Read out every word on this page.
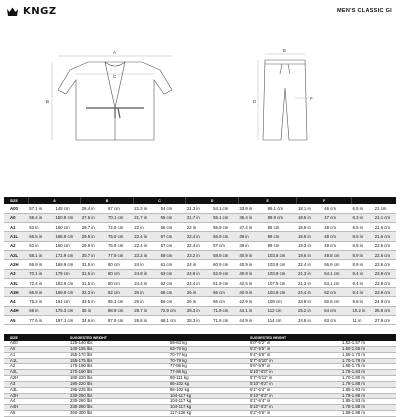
KNGZ	MEN'S CLASSIC GI
A
B
C
E
D
F
SIZE	A		B		C		D		E		F			
A00	57.1 in	145 cm	26.4 in	67 cm	21.3 in	54 cm	21.3 in	54.1 cm	33.9 in	86.1 cm	18.1 in	46 cm	6.5 in	21 cm
A0	59.4 in	150.8 cm	27.6 in	70.1 cm	21.7 in	55 cm	21.7 in	55.1 cm	35.4 in	89.9 cm	18.5 in	47 cm	8.3 in	21.1 cm
A1	63 in	160 cm	28.7 in	72.9 cm	22 in	56 cm	22 in	55.9 cm	37.4 in	95 cm	18.9 in	48 cm	8.5 in	21.6 cm
A1L	66.5 in	168.9 cm	29.9 in	75.9 cm	22.4 in	57 cm	22.4 in	56.9 cm	39 in	99 cm	18.9 in	48 cm	8.5 in	21.6 cm
A2	63 in	160 cm	29.9 in	75.9 cm	22.4 in	57 cm	22.4 in	57 cm	39 in	99 cm	19.3 in	49 cm	8.9 in	22.6 cm
A2L	68.1 in	172.9 cm	30.7 in	77.9 cm	23.2 in	59 cm	23.2 in	58.9 cm	40.9 in	103.8 cm	19.6 in	49.8 cm	8.9 in	22.6 cm
A2H	66.9 in	169.9 cm	31.5 in	80 cm	24 in	61 cm	24 in	60.9 cm	40.9 in	103.8 cm	22.4 in	56.9 cm	8.9 in	22.6 cm
A3	70.1 in	178 cm	31.5 in	80 cm	24.8 in	63 cm	24.8 in	62.9 cm	40.9 in	103.8 cm	21.3 in	54.1 cm	9.4 in	23.9 cm
A3L	72.4 in	183.9 cm	31.5 in	80 cm	24.4 in	62 cm	24.4 in	61.9 cm	42.5 in	107.9 cm	21.3 in	54.1 cm	9.4 in	23.9 cm
A3H	66.9 in	169.9 cm	32.3 in	82 cm	26 in	66 cm	26 in	66 cm	40.9 in	103.8 cm	24.4 in	62 cm	9.4 in	23.9 cm
A4	75.2 in	191 cm	33.5 in	85.1 cm	26 in	66 cm	26 in	66 cm	42.9 in	109 cm	23.8 in	60.5 cm	9.8 in	24.9 cm
A4H	69 in	175.3 cm	35 in	88.9 cm	28.7 in	72.9 cm	28.3 in	71.9 cm	44.1 in	112 cm	25.2 in	64 cm	10.2 in	25.9 cm
A5	77.6 in	197.1 cm	34.6 in	87.9 cm	26.8 in	68.1 cm	28.3 in	71.8 cm	44.9 in	114 cm	24.8 in	63 cm	11 in	27.9 cm
SIZE	SUGGESTED WEIGHT		SUGGESTED HEIGHT	
A00	125-140 lbs	56-63 kg	5'0"-5'2" in	1.52-1.57 m
A0	140-155 lbs	63-70 kg	5'3"-5'5" in	1.60-1.65 m
A1	155-170 lbs	70-77 kg	5'4"-5'6" in	1.65-1.70 m
A1L	155-175 lbs	70-79 kg	5'7"-5'10" in	1.70-1.78 m
A2	170-190 lbs	77-86 kg	5'6"-5'9" in	1.68-1.75 m
A2L	170-190 lbs	77-86 kg	5'10"-6'0" in	1.78-1.83 m
A2H	180-220 lbs	99-111 kg	5'7"-5'11" in	1.70-1.80 m
A3	190-220 lbs	86-102 kg	5'10"-6'2" in	1.78-1.88 m
A3L	195-225 lbs	86-102 kg	6'1"-6'4" in	1.85-1.93 m
A3H	230-260 lbs	104-117 kg	5'10"-6'2" in	1.78-1.88 m
A4	230-260 lbs	104-117 kg	6'1"-6'4" in	1.85-1.93 m
A4H	230-260 lbs	104-117 kg	5'10"-6'2" in	1.78-1.88 m
A5	260-300 lbs	117-136 kg	6'2"-6'6" in	1.88-1.98 m
